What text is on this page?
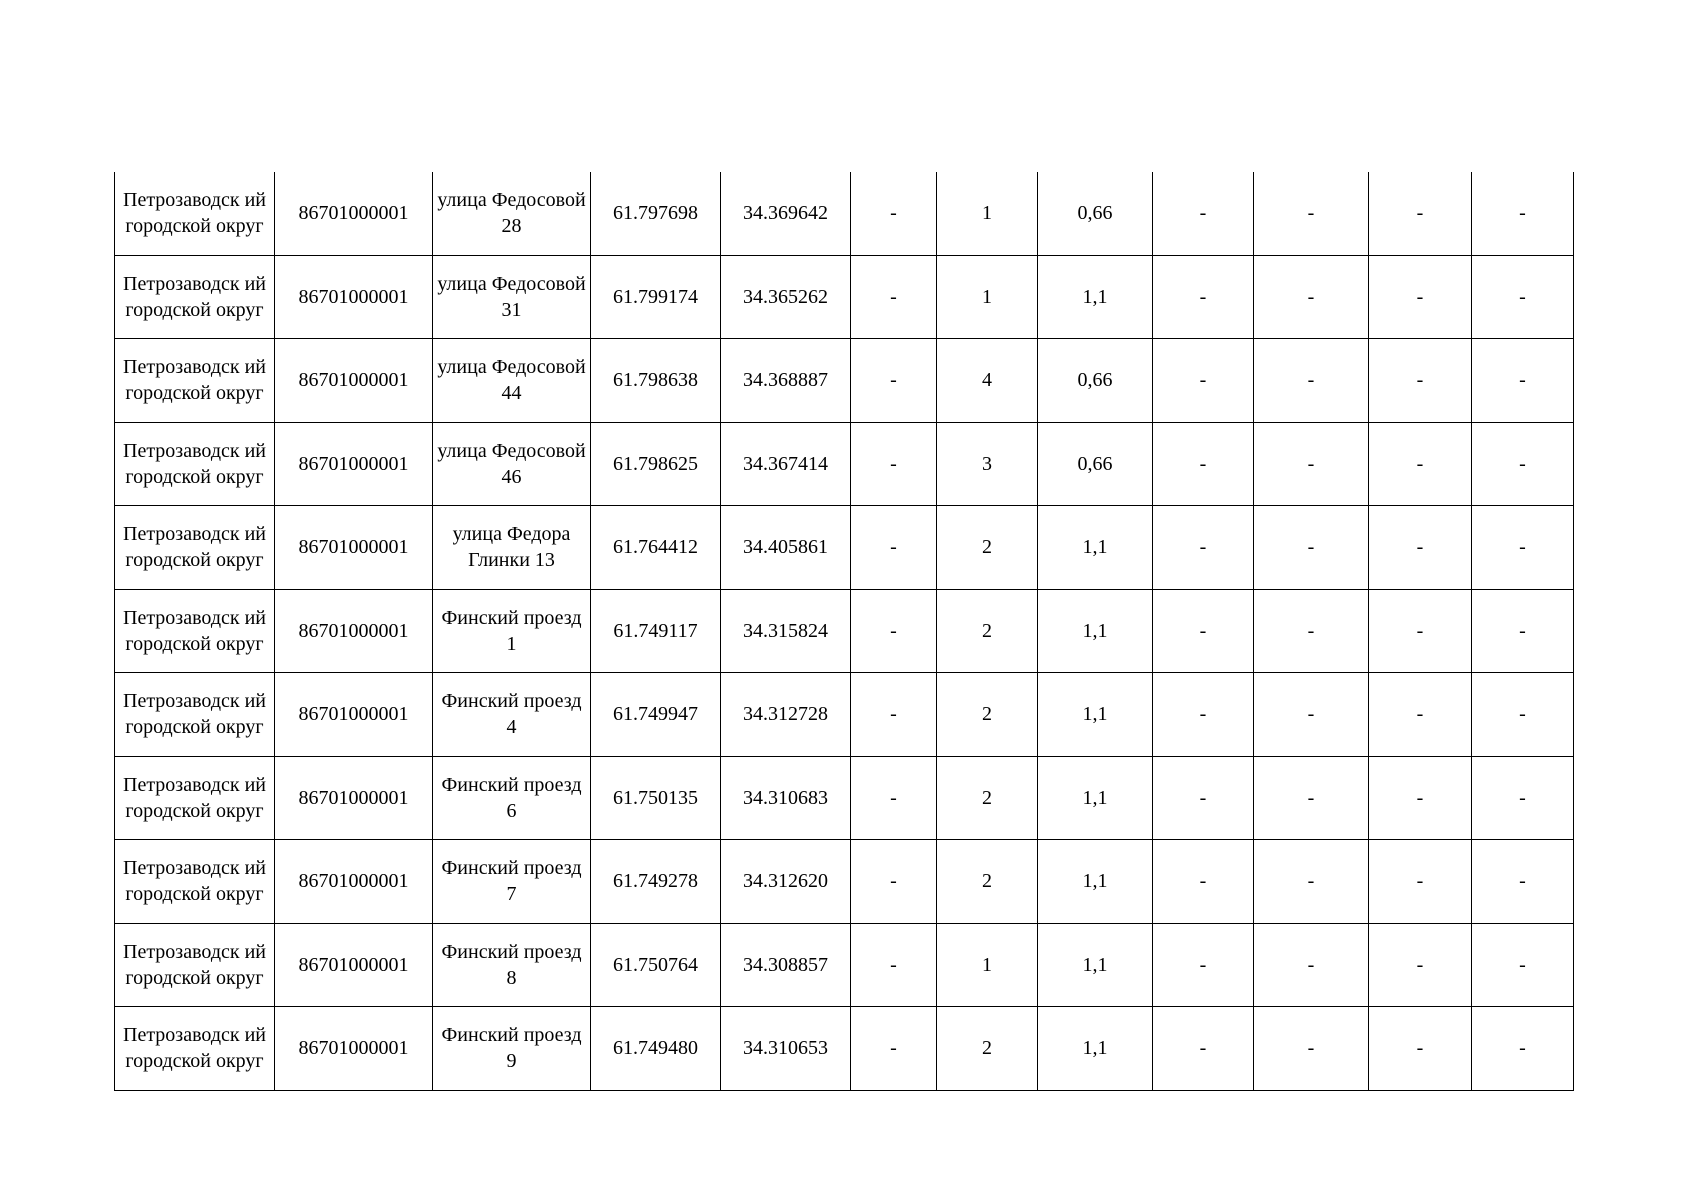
Петрозаводск ий городской округ	86701000001	улица Федосовой 28	61.797698	34.369642	-	1	0,66	-	-	-	-
Петрозаводск ий городской округ	86701000001	улица Федосовой 31	61.799174	34.365262	-	1	1,1	-	-	-	-
Петрозаводск ий городской округ	86701000001	улица Федосовой 44	61.798638	34.368887	-	4	0,66	-	-	-	-
Петрозаводск ий городской округ	86701000001	улица Федосовой 46	61.798625	34.367414	-	3	0,66	-	-	-	-
Петрозаводск ий городской округ	86701000001	улица Федора Глинки 13	61.764412	34.405861	-	2	1,1	-	-	-	-
Петрозаводск ий городской округ	86701000001	Финский проезд 1	61.749117	34.315824	-	2	1,1	-	-	-	-
Петрозаводск ий городской округ	86701000001	Финский проезд 4	61.749947	34.312728	-	2	1,1	-	-	-	-
Петрозаводск ий городской округ	86701000001	Финский проезд 6	61.750135	34.310683	-	2	1,1	-	-	-	-
Петрозаводск ий городской округ	86701000001	Финский проезд 7	61.749278	34.312620	-	2	1,1	-	-	-	-
Петрозаводск ий городской округ	86701000001	Финский проезд 8	61.750764	34.308857	-	1	1,1	-	-	-	-
Петрозаводск ий городской округ	86701000001	Финский проезд 9	61.749480	34.310653	-	2	1,1	-	-	-	-
